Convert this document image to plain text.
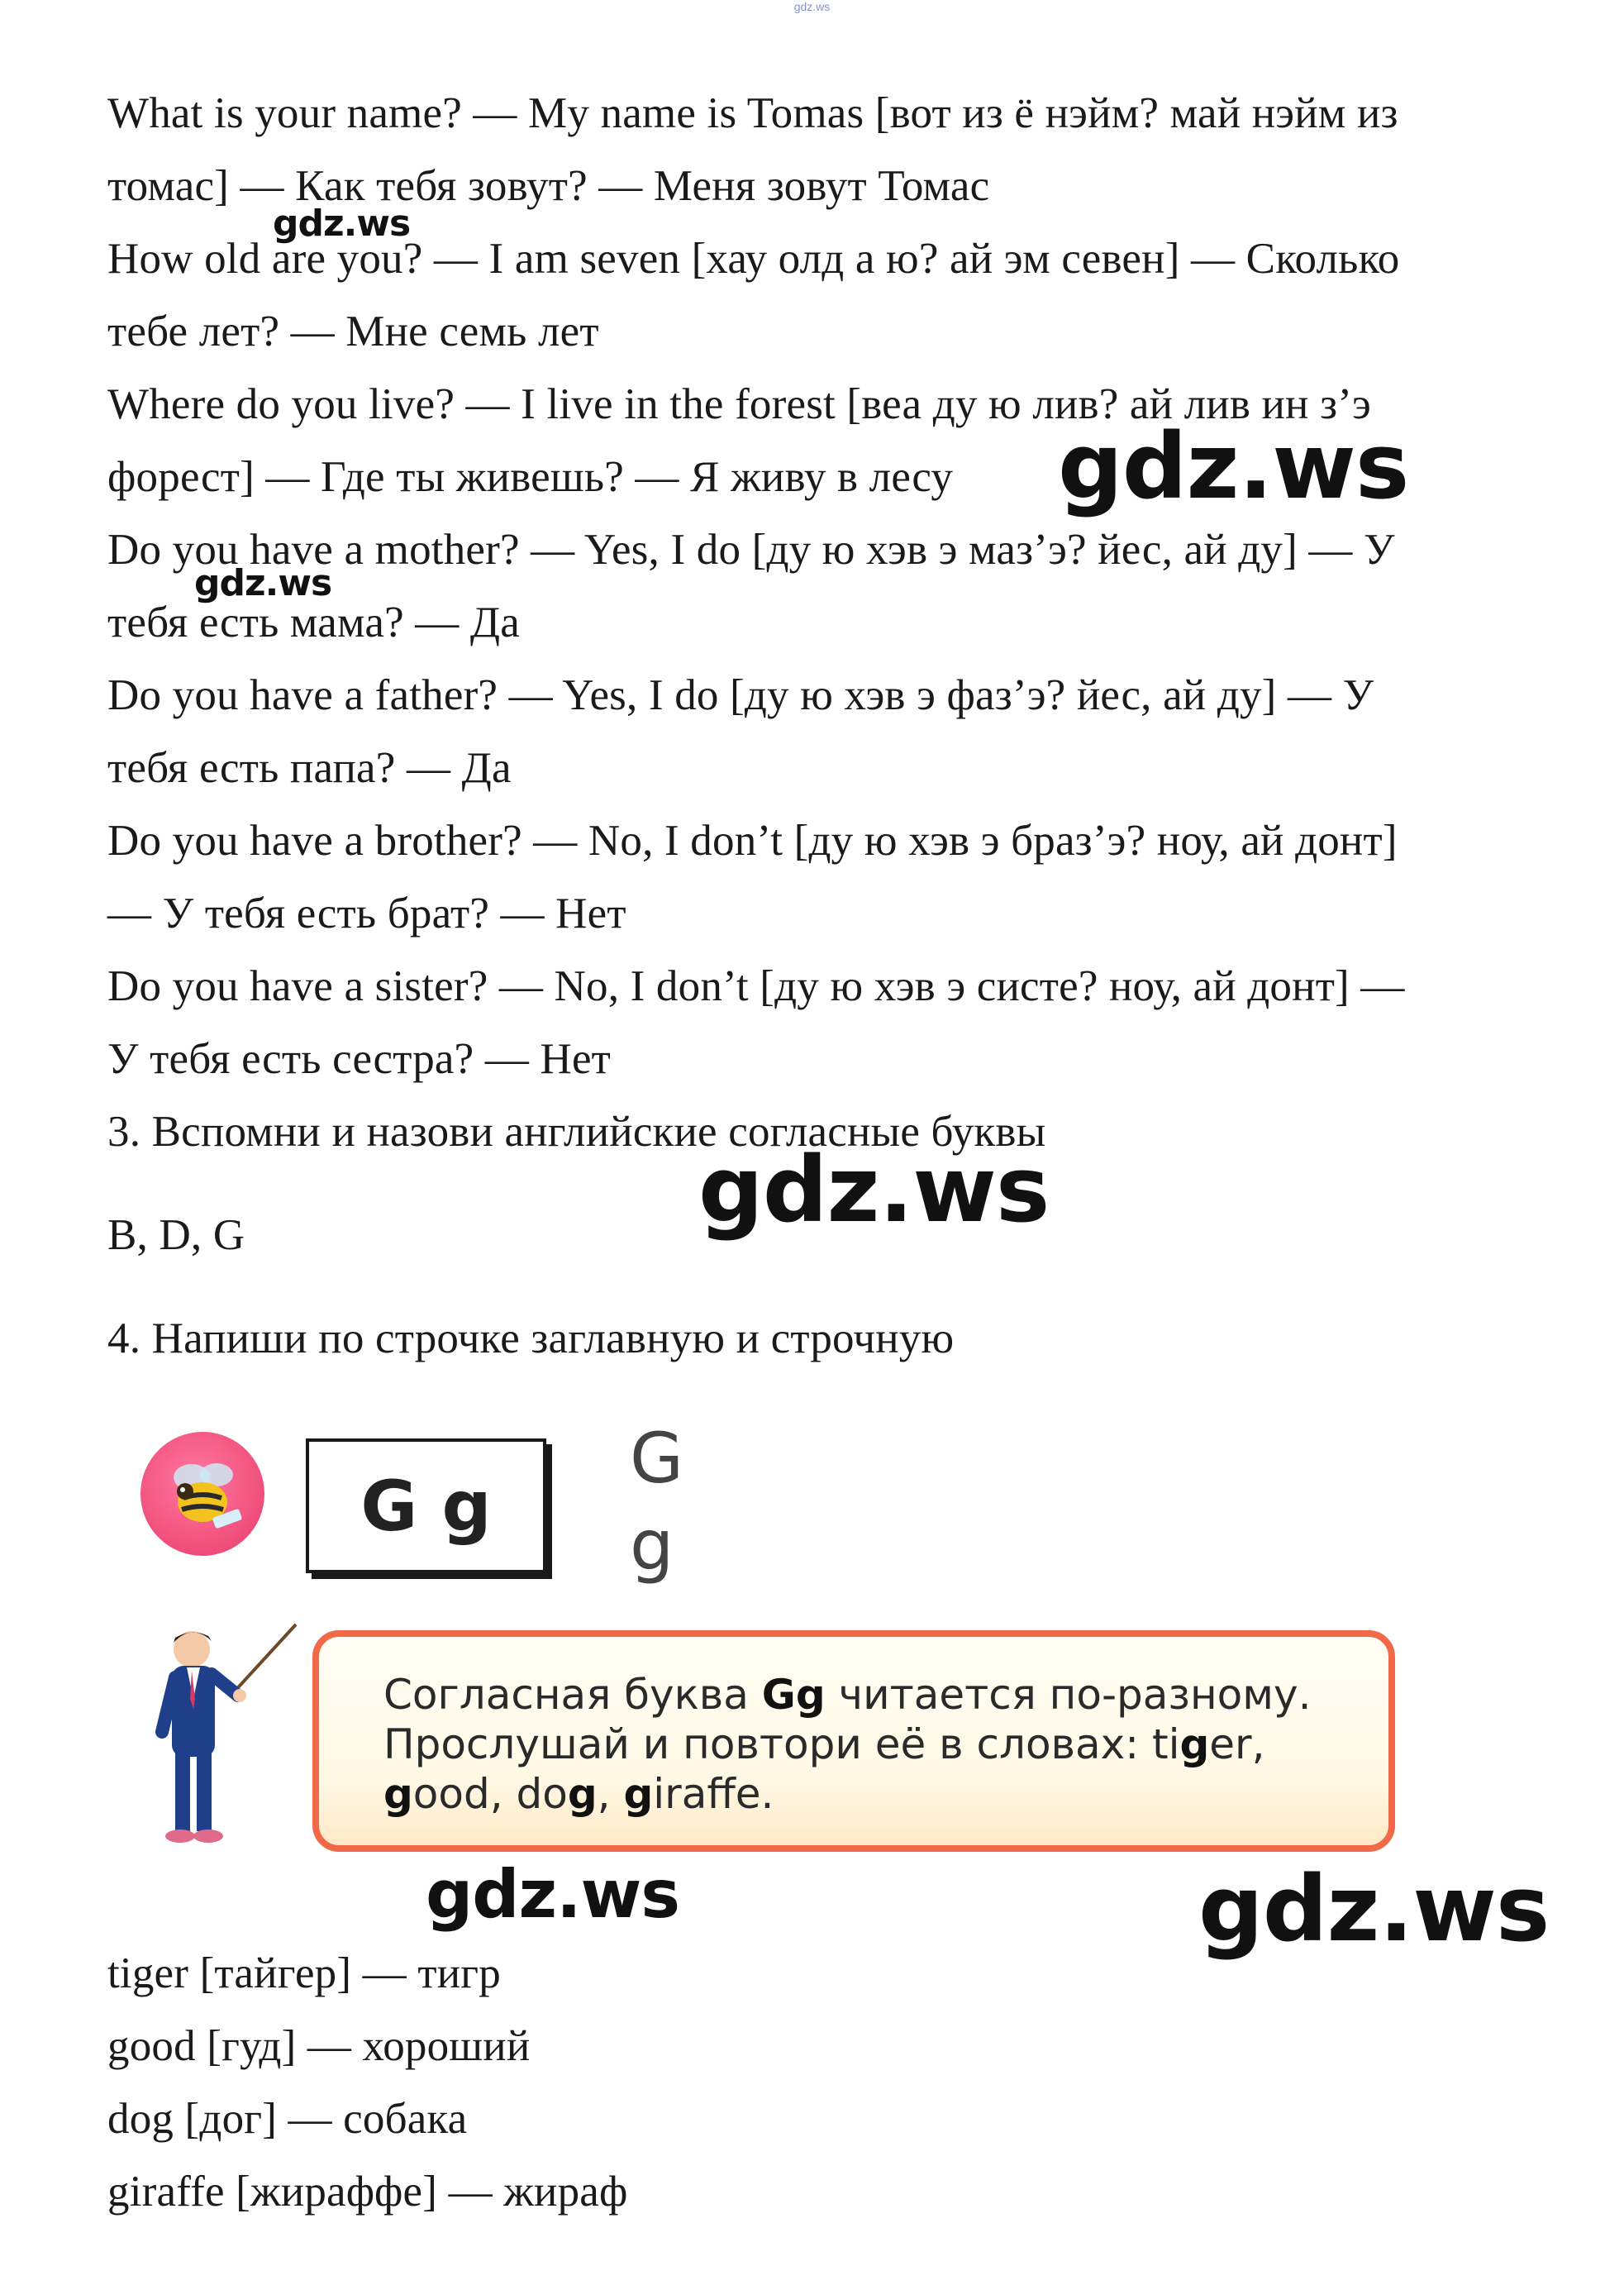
gdz.ws
What is your name? — My name is Tomas [вот из ё нэйм? май нэйм из
томас] — Как тебя зовут? — Меня зовут Томас
How old are you? — I am seven [хау олд а ю? ай эм севен] — Сколько
тебе лет? — Мне семь лет
Where do you live? — I live in the forest [веа ду ю лив? ай лив ин з’э
форест] — Где ты живешь? — Я живу в лесу
Do you have a mother? — Yes, I do [ду ю хэв э маз’э? йес, ай ду] — У
тебя есть мама? — Да
Do you have a father? — Yes, I do [ду ю хэв э фаз’э? йес, ай ду] — У
тебя есть папа? — Да
Do you have a brother? — No, I don’t [ду ю хэв э браз’э? ноу, ай донт]
— У тебя есть брат? — Нет
Do you have a sister? — No, I don’t [ду ю хэв э систе? ноу, ай донт] —
У тебя есть сестра? — Нет
3. Вспомни и назови английские согласные буквы
B, D, G
4. Напиши по строчке заглавную и строчную
G g
G
g
Согласная буква Gg читается по-разному.
Прослушай и повтори её в словах: tiger,
good, dog, giraffe.
tiger [тайгер] — тигр
good [гуд] — хороший
dog [дог] — собака
giraffe [жираффе] — жираф
gdz.ws
gdz.ws
gdz.ws
gdz.ws
gdz.ws	gdz.ws
